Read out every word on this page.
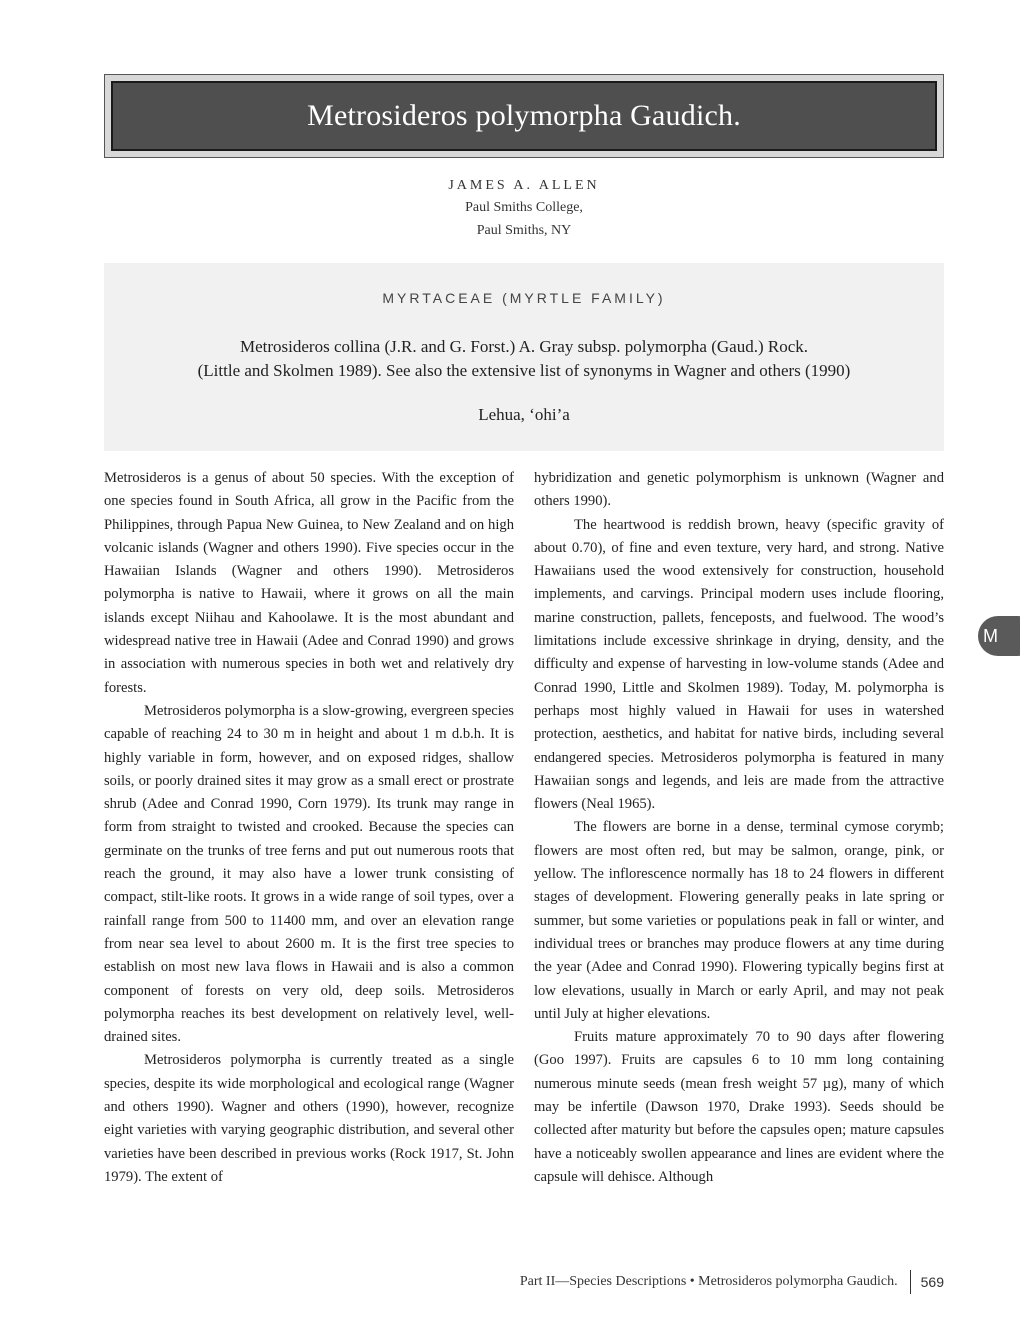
Metrosideros polymorpha Gaudich.
JAMES A. ALLEN
Paul Smiths College,
Paul Smiths, NY
MYRTACEAE (MYRTLE FAMILY)
Metrosideros collina (J.R. and G. Forst.) A. Gray subsp. polymorpha (Gaud.) Rock.
(Little and Skolmen 1989). See also the extensive list of synonyms in Wagner and others (1990)
Lehua, ‘ohi’a

Metrosideros is a genus of about 50 species. With the exception of one species found in South Africa, all grow in the Pacific from the Philippines, through Papua New Guinea, to New Zealand and on high volcanic islands (Wagner and others 1990). Five species occur in the Hawaiian Islands (Wagner and others 1990). Metrosideros polymorpha is native to Hawaii, where it grows on all the main islands except Niihau and Kahoolawe. It is the most abundant and widespread native tree in Hawaii (Adee and Conrad 1990) and grows in association with numerous species in both wet and relatively dry forests.

Metrosideros polymorpha is a slow-growing, evergreen species capable of reaching 24 to 30 m in height and about 1 m d.b.h. It is highly variable in form, however, and on exposed ridges, shallow soils, or poorly drained sites it may grow as a small erect or prostrate shrub (Adee and Conrad 1990, Corn 1979). Its trunk may range in form from straight to twisted and crooked. Because the species can germinate on the trunks of tree ferns and put out numerous roots that reach the ground, it may also have a lower trunk consisting of compact, stilt-like roots. It grows in a wide range of soil types, over a rainfall range from 500 to 11400 mm, and over an elevation range from near sea level to about 2600 m. It is the first tree species to establish on most new lava flows in Hawaii and is also a common component of forests on very old, deep soils. Metrosideros polymorpha reaches its best development on relatively level, well-drained sites.

Metrosideros polymorpha is currently treated as a single species, despite its wide morphological and ecological range (Wagner and others 1990). Wagner and others (1990), however, recognize eight varieties with varying geographic distribution, and several other varieties have been described in previous works (Rock 1917, St. John 1979). The extent of

hybridization and genetic polymorphism is unknown (Wagner and others 1990).

The heartwood is reddish brown, heavy (specific gravity of about 0.70), of fine and even texture, very hard, and strong. Native Hawaiians used the wood extensively for construction, household implements, and carvings. Principal modern uses include flooring, marine construction, pallets, fenceposts, and fuelwood. The wood’s limitations include excessive shrinkage in drying, density, and the difficulty and expense of harvesting in low-volume stands (Adee and Conrad 1990, Little and Skolmen 1989). Today, M. polymorpha is perhaps most highly valued in Hawaii for uses in watershed protection, aesthetics, and habitat for native birds, including several endangered species. Metrosideros polymorpha is featured in many Hawaiian songs and legends, and leis are made from the attractive flowers (Neal 1965).

The flowers are borne in a dense, terminal cymose corymb; flowers are most often red, but may be salmon, orange, pink, or yellow. The inflorescence normally has 18 to 24 flowers in different stages of development. Flowering generally peaks in late spring or summer, but some varieties or populations peak in fall or winter, and individual trees or branches may produce flowers at any time during the year (Adee and Conrad 1990). Flowering typically begins first at low elevations, usually in March or early April, and may not peak until July at higher elevations.

Fruits mature approximately 70 to 90 days after flowering (Goo 1997). Fruits are capsules 6 to 10 mm long containing numerous minute seeds (mean fresh weight 57 µg), many of which may be infertile (Dawson 1970, Drake 1993). Seeds should be collected after maturity but before the capsules open; mature capsules have a noticeably swollen appearance and lines are evident where the capsule will dehisce. Although

M
Part II—Species Descriptions • Metrosideros polymorpha Gaudich. 569
